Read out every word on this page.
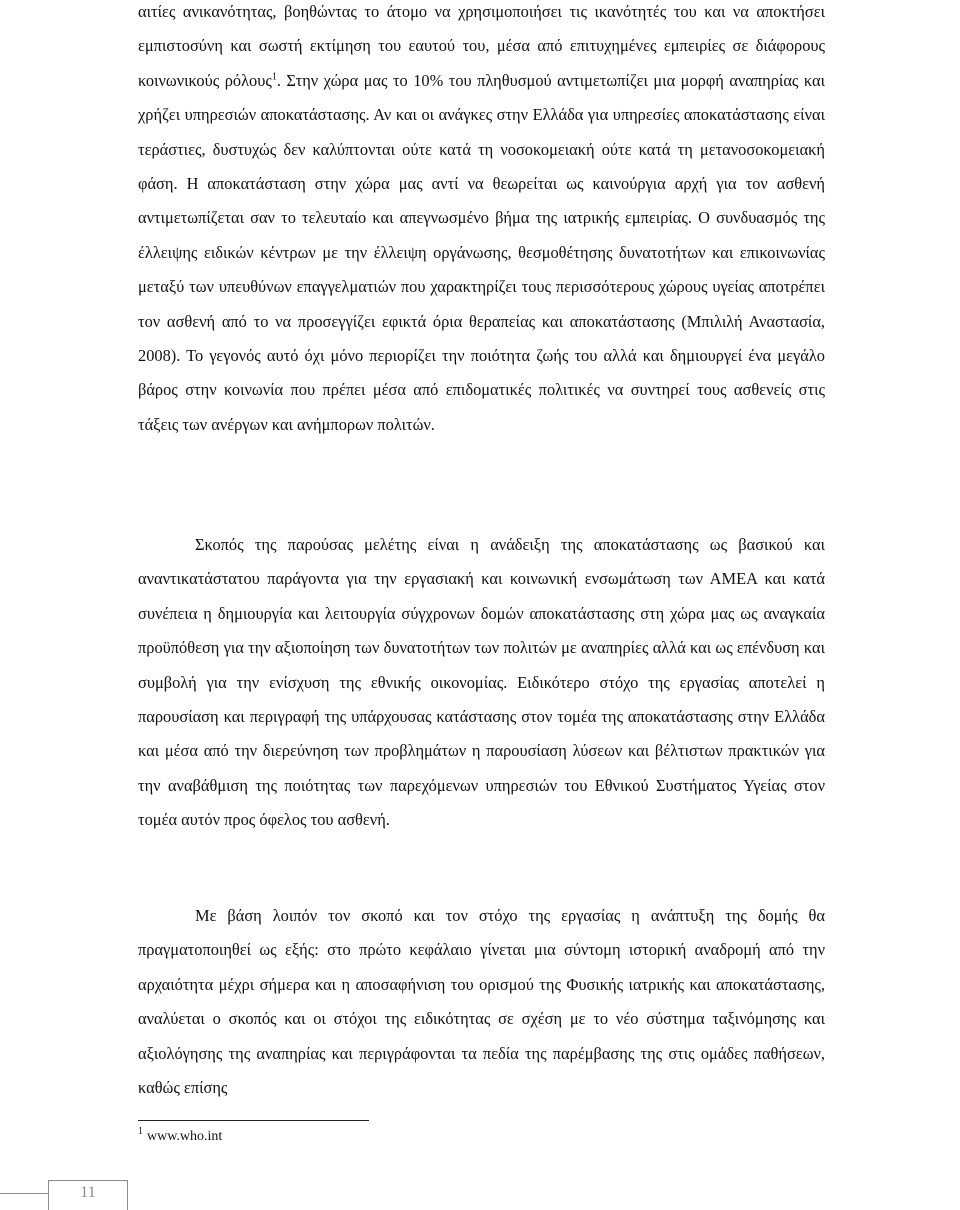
αιτίες ανικανότητας, βοηθώντας το άτομο να χρησιμοποιήσει τις ικανότητές του και να αποκτήσει εμπιστοσύνη και σωστή εκτίμηση του εαυτού του, μέσα από επιτυχημένες εμπειρίες σε διάφορους κοινωνικούς ρόλους$^1$. Στην χώρα μας το 10% του πληθυσμού αντιμετωπίζει μια μορφή αναπηρίας και χρήζει υπηρεσιών αποκατάστασης. Αν και οι ανάγκες στην Ελλάδα για υπηρεσίες αποκατάστασης είναι τεράστιες, δυστυχώς δεν καλύπτονται ούτε κατά τη νοσοκομειακή ούτε κατά τη μετανοσοκομειακή φάση. Η αποκατάσταση στην χώρα μας αντί να θεωρείται ως καινούργια αρχή για τον ασθενή αντιμετωπίζεται σαν το τελευταίο και απεγνωσμένο βήμα της ιατρικής εμπειρίας. Ο συνδυασμός της έλλειψης ειδικών κέντρων με την έλλειψη οργάνωσης, θεσμοθέτησης δυνατοτήτων και επικοινωνίας μεταξύ των υπευθύνων επαγγελματιών που χαρακτηρίζει τους περισσότερους χώρους υγείας αποτρέπει τον ασθενή από το να προσεγγίζει εφικτά όρια θεραπείας και αποκατάστασης (Μπιλιλή Αναστασία, 2008). Το γεγονός αυτό όχι μόνο περιορίζει την ποιότητα ζωής του αλλά και δημιουργεί ένα μεγάλο βάρος στην κοινωνία που πρέπει μέσα από επιδοματικές πολιτικές να συντηρεί τους ασθενείς στις τάξεις των ανέργων και ανήμπορων πολιτών.

Σκοπός της παρούσας μελέτης είναι η ανάδειξη της αποκατάστασης ως βασικού και αναντικατάστατου παράγοντα για την εργασιακή και κοινωνική ενσωμάτωση των ΑΜΕΑ και κατά συνέπεια η δημιουργία και λειτουργία σύγχρονων δομών αποκατάστασης στη χώρα μας ως αναγκαία προϋπόθεση για την αξιοποίηση των δυνατοτήτων των πολιτών με αναπηρίες αλλά και ως επένδυση και συμβολή για την ενίσχυση της εθνικής οικονομίας. Ειδικότερο στόχο της εργασίας αποτελεί η παρουσίαση και περιγραφή της υπάρχουσας κατάστασης στον τομέα της αποκατάστασης στην Ελλάδα και μέσα από την διερεύνηση των προβλημάτων η παρουσίαση λύσεων και βέλτιστων πρακτικών για την αναβάθμιση της ποιότητας των παρεχόμενων υπηρεσιών του Εθνικού Συστήματος Υγείας στον τομέα αυτόν προς όφελος του ασθενή.

Με βάση λοιπόν τον σκοπό και τον στόχο της εργασίας η ανάπτυξη της δομής θα πραγματοποιηθεί ως εξής: στο πρώτο κεφάλαιο γίνεται μια σύντομη ιστορική αναδρομή από την αρχαιότητα μέχρι σήμερα και η αποσαφήνιση του ορισμού της Φυσικής ιατρικής και αποκατάστασης, αναλύεται ο σκοπός και οι στόχοι της ειδικότητας σε σχέση με το νέο σύστημα ταξινόμησης και αξιολόγησης της αναπηρίας και περιγράφονται τα πεδία της παρέμβασης της στις ομάδες παθήσεων, καθώς επίσης

$^1$ www.who.int
11
